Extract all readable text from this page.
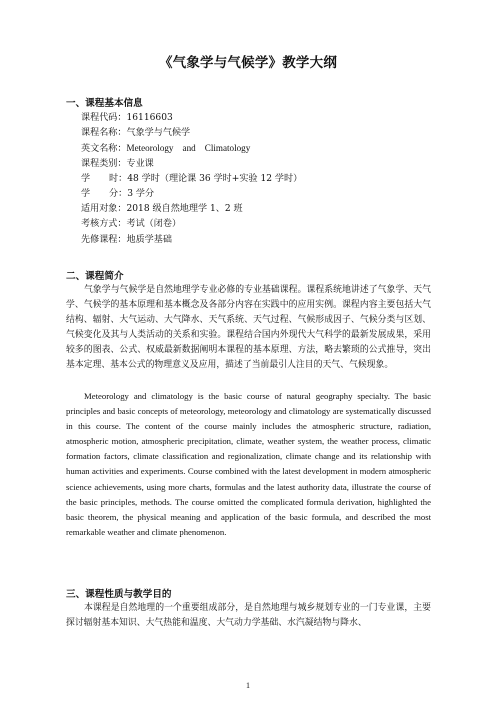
《气象学与气候学》教学大纲
一、课程基本信息
课程代码：16116603
课程名称：气象学与气候学
英文名称：Meteorology　and　Climatology
课程类别：专业课
学 时：48 学时（理论课 36 学时+实验 12 学时）
学 分：3 学分
适用对象：2018 级自然地理学 1、2 班
考核方式：考试（闭卷）
先修课程：地质学基础
二、课程简介

气象学与气候学是自然地理学专业必修的专业基础课程。课程系统地讲述了气象学、天气学、气候学的基本原理和基本概念及各部分内容在实践中的应用实例。课程内容主要包括大气结构、辐射、大气运动、大气降水、天气系统、天气过程、气候形成因子、气候分类与区划、气候变化及其与人类活动的关系和实验。课程结合国内外现代大气科学的最新发展成果，采用较多的图表、公式、权威最新数据阐明本课程的基本原理、方法，略去繁琐的公式推导，突出基本定理、基本公式的物理意义及应用，描述了当前最引人注目的天气、气候现象。

Meteorology and climatology is the basic course of natural geography specialty. The basic principles and basic concepts of meteorology, meteorology and climatology are systematically discussed in this course. The content of the course mainly includes the atmospheric structure, radiation, atmospheric motion, atmospheric precipitation, climate, weather system, the weather process, climatic formation factors, climate classification and regionalization, climate change and its relationship with human activities and experiments. Course combined with the latest development in modern atmospheric science achievements, using more charts, formulas and the latest authority data, illustrate the course of the basic principles, methods. The course omitted the complicated formula derivation, highlighted the basic theorem, the physical meaning and application of the basic formula, and described the most remarkable weather and climate phenomenon.

三、课程性质与教学目的

本课程是自然地理的一个重要组成部分，是自然地理与城乡规划专业的一门专业课，主要探讨辐射基本知识、大气热能和温度、大气动力学基础、水汽凝结物与降水、

1
